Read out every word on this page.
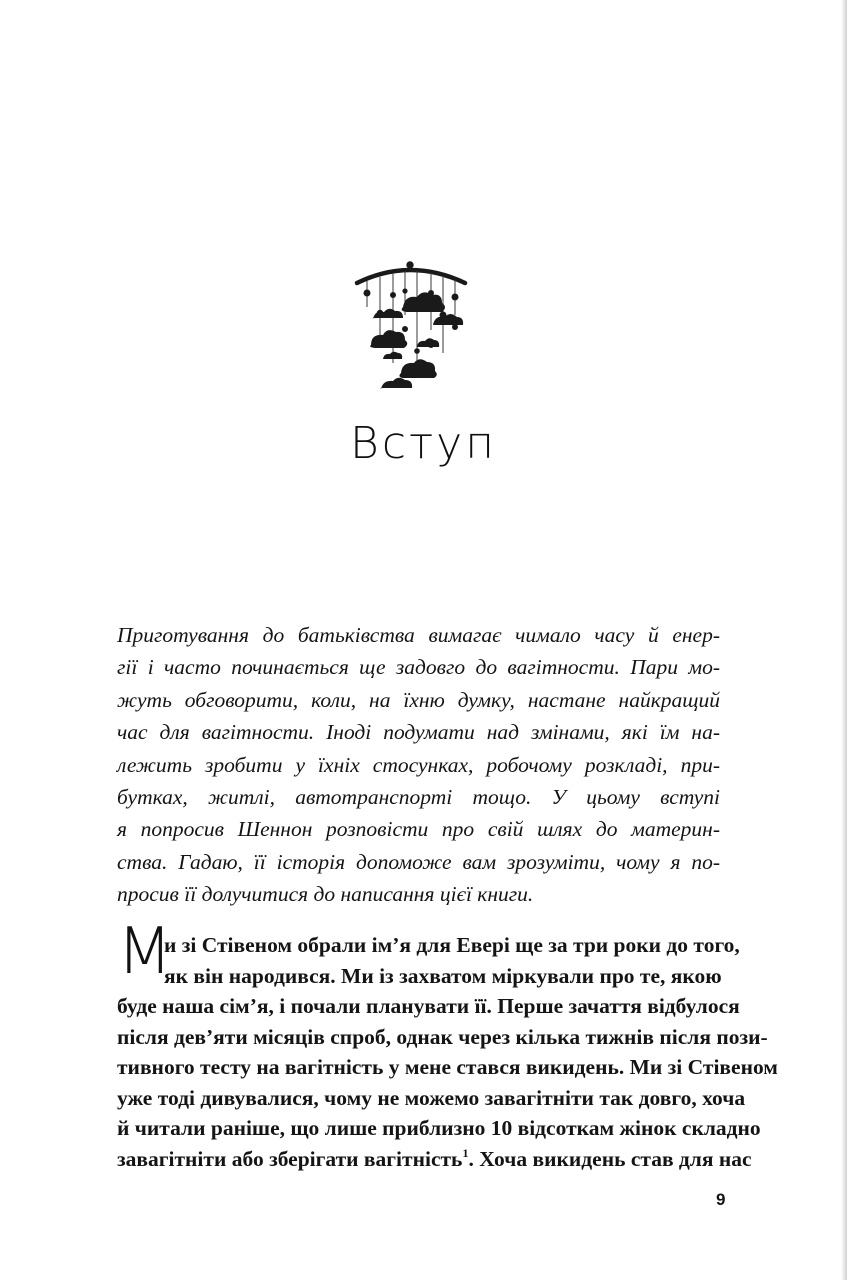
Вступ
Приготування до батьківства вимагає чималo часу й енер-
гії і часто починається ще задовго до вагітности. Пари мо-
жуть обговорити, коли, на їхню думку, настане найкращий
час для вагітности. Іноді подумати над змінами, які їм на-
лежить зробити у їхніх стосунках, робочому розкладі, при-
бутках, житлі, автотранспорті тощо. У цьому вступі
я попросив Шеннон розповісти про свій шлях до материн-
ства. Гадаю, її історія допоможе вам зрозуміти, чому я по-
просив її долучитися до написання цієї книги.
М
и зі Стівеном обрали ім’я для Евері ще за три роки до того,
як він народився. Ми із захватом міркували про те, якою
буде наша сім’я, і почали планувати її. Перше зачаття відбулося
після дев’яти місяців спроб, однак через кілька тижнів після пози-
тивного тесту на вагітність у мене стався викидень. Ми зі Стівеном
уже тоді дивувалися, чому не можемо завагітніти так довго, хоча
й читали раніше, що лише приблизно 10 відсоткам жінок складно
завагітніти або зберігати вагітність$^1$. Хоча викидень став для нас
9
